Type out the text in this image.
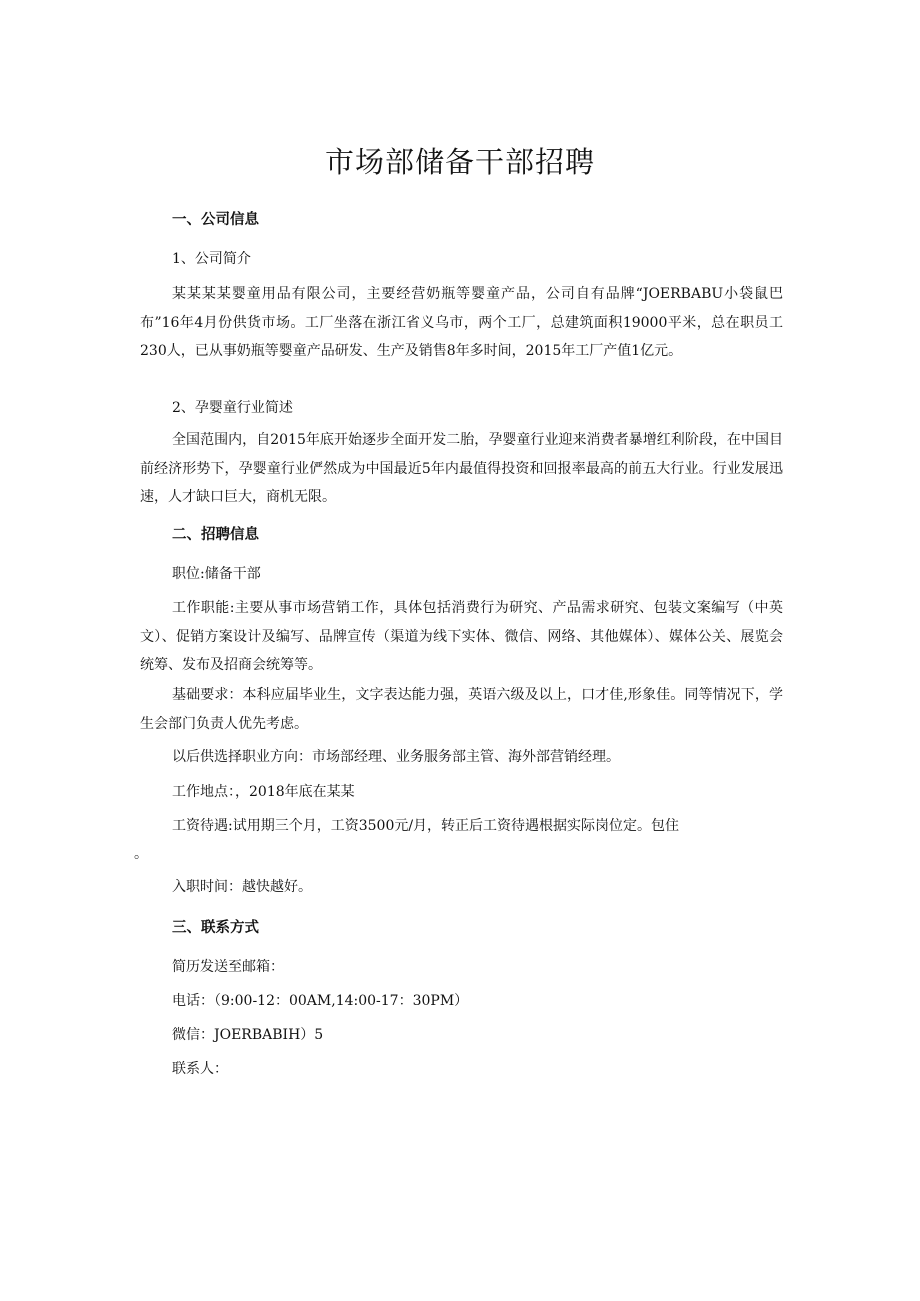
市场部储备干部招聘
一、公司信息

1、公司简介

某某某某婴童用品有限公司，主要经营奶瓶等婴童产品，公司自有品牌“JOERBABU小袋鼠巴布”16年4月份供货市场。工厂坐落在浙江省义乌市，两个工厂，总建筑面积19000平米，总在职员工230人，已从事奶瓶等婴童产品研发、生产及销售8年多时间，2015年工厂产值1亿元。

2、孕婴童行业简述

全国范围内，自2015年底开始逐步全面开发二胎，孕婴童行业迎来消费者暴增红利阶段，在中国目前经济形势下，孕婴童行业俨然成为中国最近5年内最值得投资和回报率最高的前五大行业。行业发展迅速，人才缺口巨大，商机无限。

二、招聘信息

职位:储备干部

工作职能:主要从事市场营销工作，具体包括消费行为研究、产品需求研究、包装文案编写（中英文）、促销方案设计及编写、品牌宣传（渠道为线下实体、微信、网络、其他媒体）、媒体公关、展览会统筹、发布及招商会统筹等。

基础要求：本科应届毕业生，文字表达能力强，英语六级及以上，口才佳,形象佳。同等情况下，学生会部门负责人优先考虑。

以后供选择职业方向：市场部经理、业务服务部主管、海外部营销经理。

工作地点：，2018年底在某某

工资待遇:试用期三个月，工资3500元/月，转正后工资待遇根据实际岗位定。包住

。

入职时间：越快越好。

三、联系方式

简历发送至邮箱：

电话：（9:00-12：00AM,14:00-17：30PM）

微信：JOERBABIH）5

联系人：
